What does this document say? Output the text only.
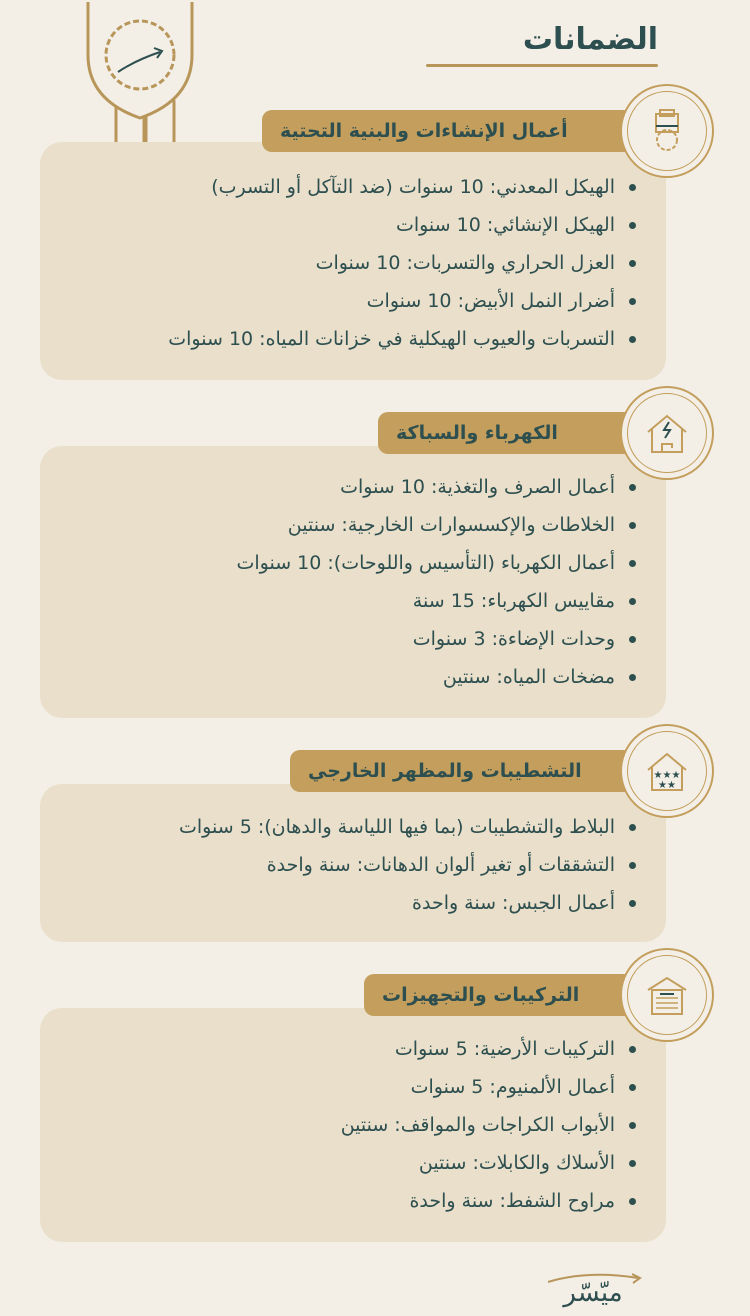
الضمانات
الهيكل المعدني: 10 سنوات (ضد التآكل أو التسرب)
الهيكل الإنشائي: 10 سنوات
العزل الحراري والتسربات: 10 سنوات
أضرار النمل الأبيض: 10 سنوات
التسربات والعيوب الهيكلية في خزانات المياه: 10 سنوات
أعمال الإنشاءات والبنية التحتية
أعمال الصرف والتغذية: 10 سنوات
الخلاطات والإكسسوارات الخارجية: سنتين
أعمال الكهرباء (التأسيس واللوحات): 10 سنوات
مقاييس الكهرباء: 15 سنة
وحدات الإضاءة: 3 سنوات
مضخات المياه: سنتين
الكهرباء والسباكة
البلاط والتشطيبات (بما فيها اللياسة والدهان): 5 سنوات
التشققات أو تغير ألوان الدهانات: سنة واحدة
أعمال الجبس: سنة واحدة
التشطيبات والمظهر الخارجي	★★★
★★
التركيبات الأرضية: 5 سنوات
أعمال الألمنيوم: 5 سنوات
الأبواب الكراجات والمواقف: سنتين
الأسلاك والكابلات: سنتين
مراوح الشفط: سنة واحدة
التركيبات والتجهيزات
ميّسّر
